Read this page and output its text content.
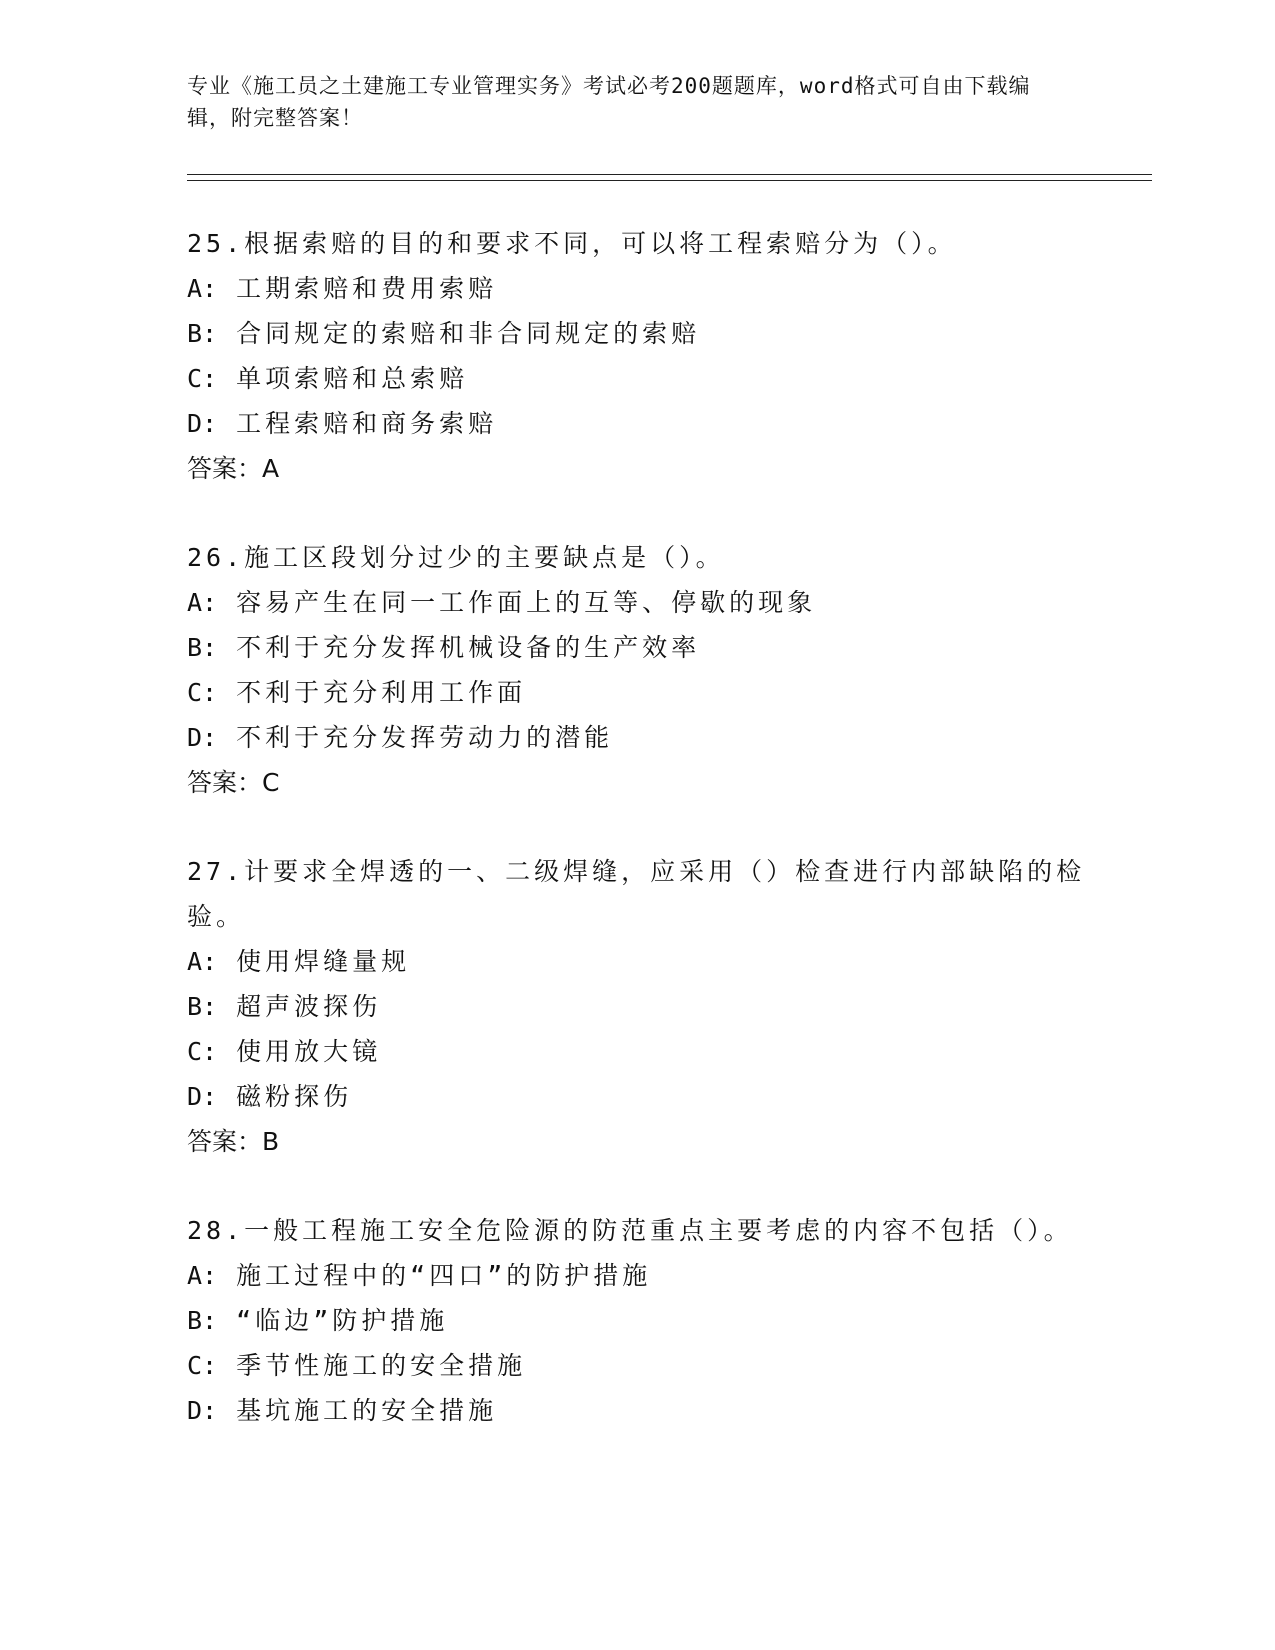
专业《施工员之土建施工专业管理实务》考试必考200题题库，word格式可自由下载编辑，附完整答案！

25.根据索赔的目的和要求不同，可以将工程索赔分为（）。

A: 工期索赔和费用索赔
B: 合同规定的索赔和非合同规定的索赔
C: 单项索赔和总索赔
D: 工程索赔和商务索赔
答案：A

26.施工区段划分过少的主要缺点是（）。

A: 容易产生在同一工作面上的互等、停歇的现象
B: 不利于充分发挥机械设备的生产效率
C: 不利于充分利用工作面
D: 不利于充分发挥劳动力的潜能
答案：C

27.计要求全焊透的一、二级焊缝，应采用（）检查进行内部缺陷的检验。

A: 使用焊缝量规
B: 超声波探伤
C: 使用放大镜
D: 磁粉探伤
答案：B

28.一般工程施工安全危险源的防范重点主要考虑的内容不包括（）。

A: 施工过程中的“四口”的防护措施
B: “临边”防护措施
C: 季节性施工的安全措施
D: 基坑施工的安全措施
